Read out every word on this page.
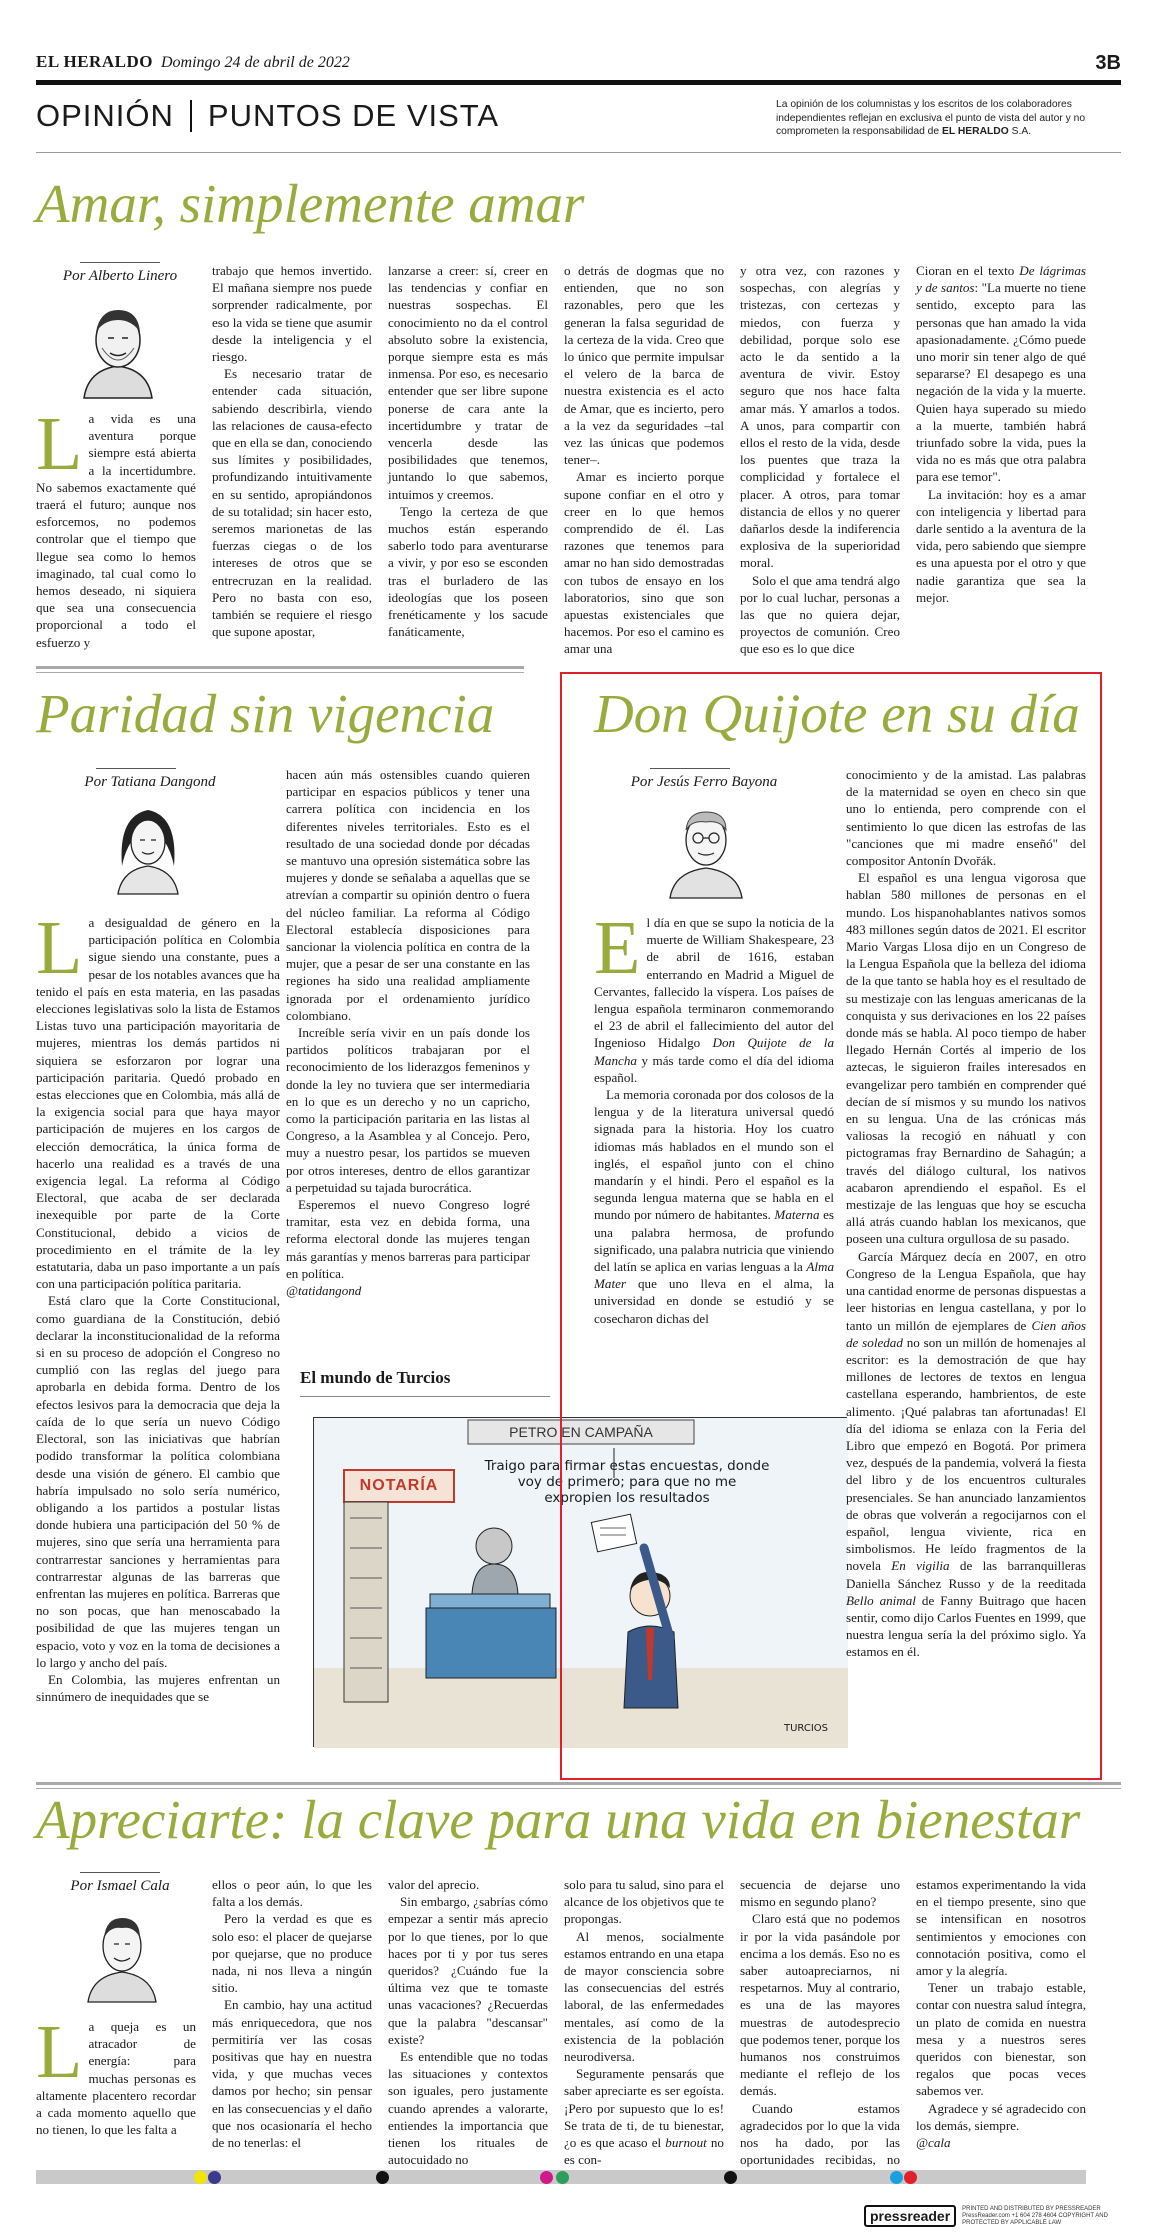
EL HERALDO Domingo 24 de abril de 2022	3B
OPINIÓN PUNTOS DE VISTA	La opinión de los columnistas y los escritos de los colaboradores independientes reflejan en exclusiva el punto de vista del autor y no comprometen la responsabilidad de EL HERALDO S.A.
Amar, simplemente amar
Por Alberto Linero

La vida es una aventura porque siempre está abierta a la incertidumbre. No sabemos exactamente qué traerá el futuro; aunque nos esforcemos, no podemos controlar que el tiempo que llegue sea como lo hemos imaginado, tal cual como lo hemos deseado, ni siquiera que sea una consecuencia proporcional a todo el esfuerzo y

trabajo que hemos invertido. El mañana siempre nos puede sorprender radicalmente, por eso la vida se tiene que asumir desde la inteligencia y el riesgo.

Es necesario tratar de entender cada situación, sabiendo describirla, viendo las relaciones de causa-efecto que en ella se dan, conociendo sus límites y posibilidades, profundizando intuitivamente en su sentido, apropiándonos de su totalidad; sin hacer esto, seremos marionetas de las fuerzas ciegas o de los intereses de otros que se entrecruzan en la realidad. Pero no basta con eso, también se requiere el riesgo que supone apostar,

lanzarse a creer: sí, creer en las tendencias y confiar en nuestras sospechas. El conocimiento no da el control absoluto sobre la existencia, porque siempre esta es más inmensa. Por eso, es necesario entender que ser libre supone ponerse de cara ante la incertidumbre y tratar de vencerla desde las posibilidades que tenemos, juntando lo que sabemos, intuimos y creemos.

Tengo la certeza de que muchos están esperando saberlo todo para aventurarse a vivir, y por eso se esconden tras el burladero de las ideologías que los poseen frenéticamente y los sacude fanáticamente,

o detrás de dogmas que no entienden, que no son razonables, pero que les generan la falsa seguridad de la certeza de la vida. Creo que lo único que permite impulsar el velero de la barca de nuestra existencia es el acto de Amar, que es incierto, pero a la vez da seguridades –tal vez las únicas que podemos tener–.

Amar es incierto porque supone confiar en el otro y creer en lo que hemos comprendido de él. Las razones que tenemos para amar no han sido demostradas con tubos de ensayo en los laboratorios, sino que son apuestas existenciales que hacemos. Por eso el camino es amar una

y otra vez, con razones y sospechas, con alegrías y tristezas, con certezas y miedos, con fuerza y debilidad, porque solo ese acto le da sentido a la aventura de vivir. Estoy seguro que nos hace falta amar más. Y amarlos a todos. A unos, para compartir con ellos el resto de la vida, desde los puentes que traza la complicidad y fortalece el placer. A otros, para tomar distancia de ellos y no querer dañarlos desde la indiferencia explosiva de la superioridad moral.

Solo el que ama tendrá algo por lo cual luchar, personas a las que no quiera dejar, proyectos de comunión. Creo que eso es lo que dice

Cioran en el texto De lágrimas y de santos: "La muerte no tiene sentido, excepto para las personas que han amado la vida apasionadamente. ¿Cómo puede uno morir sin tener algo de qué separarse? El desapego es una negación de la vida y la muerte. Quien haya superado su miedo a la muerte, también habrá triunfado sobre la vida, pues la vida no es más que otra palabra para ese temor".

La invitación: hoy es a amar con inteligencia y libertad para darle sentido a la aventura de la vida, pero sabiendo que siempre es una apuesta por el otro y que nadie garantiza que sea la mejor.

Paridad sin vigencia
Por Tatiana Dangond

La desigualdad de género en la participación política en Colombia sigue siendo una constante, pues a pesar de los notables avances que ha tenido el país en esta materia, en las pasadas elecciones legislativas solo la lista de Estamos Listas tuvo una participación mayoritaria de mujeres, mientras los demás partidos ni siquiera se esforzaron por lograr una participación paritaria. Quedó probado en estas elecciones que en Colombia, más allá de la exigencia social para que haya mayor participación de mujeres en los cargos de elección democrática, la única forma de hacerlo una realidad es a través de una exigencia legal. La reforma al Código Electoral, que acaba de ser declarada inexequible por parte de la Corte Constitucional, debido a vicios de procedimiento en el trámite de la ley estatutaria, daba un paso importante a un país con una participación política paritaria.

Está claro que la Corte Constitucional, como guardiana de la Constitución, debió declarar la inconstitucionalidad de la reforma si en su proceso de adopción el Congreso no cumplió con las reglas del juego para aprobarla en debida forma. Dentro de los efectos lesivos para la democracia que deja la caída de lo que sería un nuevo Código Electoral, son las iniciativas que habrían podido transformar la política colombiana desde una visión de género. El cambio que habría impulsado no solo sería numérico, obligando a los partidos a postular listas donde hubiera una participación del 50 % de mujeres, sino que sería una herramienta para contrarrestar sanciones y herramientas para contrarrestar algunas de las barreras que enfrentan las mujeres en política. Barreras que no son pocas, que han menoscabado la posibilidad de que las mujeres tengan un espacio, voto y voz en la toma de decisiones a lo largo y ancho del país.

En Colombia, las mujeres enfrentan un sinnúmero de inequidades que se

hacen aún más ostensibles cuando quieren participar en espacios públicos y tener una carrera política con incidencia en los diferentes niveles territoriales. Esto es el resultado de una sociedad donde por décadas se mantuvo una opresión sistemática sobre las mujeres y donde se señalaba a aquellas que se atrevían a compartir su opinión dentro o fuera del núcleo familiar. La reforma al Código Electoral establecía disposiciones para sancionar la violencia política en contra de la mujer, que a pesar de ser una constante en las regiones ha sido una realidad ampliamente ignorada por el ordenamiento jurídico colombiano.

Increíble sería vivir en un país donde los partidos políticos trabajaran por el reconocimiento de los liderazgos femeninos y donde la ley no tuviera que ser intermediaria en lo que es un derecho y no un capricho, como la participación paritaria en las listas al Congreso, a la Asamblea y al Concejo. Pero, muy a nuestro pesar, los partidos se mueven por otros intereses, dentro de ellos garantizar a perpetuidad su tajada burocrática.

Esperemos el nuevo Congreso logré tramitar, esta vez en debida forma, una reforma electoral donde las mujeres tengan más garantías y menos barreras para participar en política.

@tatidangond

El mundo de Turcios
PETRO EN CAMPAÑA
Traigo para firmar estas encuestas, donde voy de primero; para que no me expropien los resultados
NOTARÍA
TURCIOS
Don Quijote en su día
Por Jesús Ferro Bayona

El día en que se supo la noticia de la muerte de William Shakespeare, 23 de abril de 1616, estaban enterrando en Madrid a Miguel de Cervantes, fallecido la víspera. Los países de lengua española terminaron conmemorando el 23 de abril el fallecimiento del autor del Ingenioso Hidalgo Don Quijote de la Mancha y más tarde como el día del idioma español.

La memoria coronada por dos colosos de la lengua y de la literatura universal quedó signada para la historia. Hoy los cuatro idiomas más hablados en el mundo son el inglés, el español junto con el chino mandarín y el hindi. Pero el español es la segunda lengua materna que se habla en el mundo por número de habitantes. Materna es una palabra hermosa, de profundo significado, una palabra nutricia que viniendo del latín se aplica en varias lenguas a la Alma Mater que uno lleva en el alma, la universidad en donde se estudió y se cosecharon dichas del

conocimiento y de la amistad. Las palabras de la maternidad se oyen en checo sin que uno lo entienda, pero comprende con el sentimiento lo que dicen las estrofas de las "canciones que mi madre enseñó" del compositor Antonín Dvořák.

El español es una lengua vigorosa que hablan 580 millones de personas en el mundo. Los hispanohablantes nativos somos 483 millones según datos de 2021. El escritor Mario Vargas Llosa dijo en un Congreso de la Lengua Española que la belleza del idioma de la que tanto se habla hoy es el resultado de su mestizaje con las lenguas americanas de la conquista y sus derivaciones en los 22 países donde más se habla. Al poco tiempo de haber llegado Hernán Cortés al imperio de los aztecas, le siguieron frailes interesados en evangelizar pero también en comprender qué decían de sí mismos y su mundo los nativos en su lengua. Una de las crónicas más valiosas la recogió en náhuatl y con pictogramas fray Bernardino de Sahagún; a través del diálogo cultural, los nativos acabaron aprendiendo el español. Es el mestizaje de las lenguas que hoy se escucha allá atrás cuando hablan los mexicanos, que poseen una cultura orgullosa de su pasado.

García Márquez decía en 2007, en otro Congreso de la Lengua Española, que hay una cantidad enorme de personas dispuestas a leer historias en lengua castellana, y por lo tanto un millón de ejemplares de Cien años de soledad no son un millón de homenajes al escritor: es la demostración de que hay millones de lectores de textos en lengua castellana esperando, hambrientos, de este alimento. ¡Qué palabras tan afortunadas! El día del idioma se enlaza con la Feria del Libro que empezó en Bogotá. Por primera vez, después de la pandemia, volverá la fiesta del libro y de los encuentros culturales presenciales. Se han anunciado lanzamientos de obras que volverán a regocijarnos con el español, lengua viviente, rica en simbolismos. He leído fragmentos de la novela En vigilia de las barranquilleras Daniella Sánchez Russo y de la reeditada Bello animal de Fanny Buitrago que hacen sentir, como dijo Carlos Fuentes en 1999, que nuestra lengua sería la del próximo siglo. Ya estamos en él.

Apreciarte: la clave para una vida en bienestar
Por Ismael Cala

La queja es un atracador de energía: para muchas personas es altamente placentero recordar a cada momento aquello que no tienen, lo que les falta a

ellos o peor aún, lo que les falta a los demás.

Pero la verdad es que es solo eso: el placer de quejarse por quejarse, que no produce nada, ni nos lleva a ningún sitio.

En cambio, hay una actitud más enriquecedora, que nos permitiría ver las cosas positivas que hay en nuestra vida, y que muchas veces damos por hecho; sin pensar en las consecuencias y el daño que nos ocasionaría el hecho de no tenerlas: el

valor del aprecio.

Sin embargo, ¿sabrías cómo empezar a sentir más aprecio por lo que tienes, por lo que haces por ti y por tus seres queridos? ¿Cuándo fue la última vez que te tomaste unas vacaciones? ¿Recuerdas que la palabra "descansar" existe?

Es entendible que no todas las situaciones y contextos son iguales, pero justamente cuando aprendes a valorarte, entiendes la importancia que tienen los rituales de autocuidado no

solo para tu salud, sino para el alcance de los objetivos que te propongas.

Al menos, socialmente estamos entrando en una etapa de mayor consciencia sobre las consecuencias del estrés laboral, de las enfermedades mentales, así como de la existencia de la población neurodiversa.

Seguramente pensarás que saber apreciarte es ser egoísta. ¡Pero por supuesto que lo es! Se trata de ti, de tu bienestar, ¿o es que acaso el burnout no es con-

secuencia de dejarse uno mismo en segundo plano?

Claro está que no podemos ir por la vida pasándole por encima a los demás. Eso no es saber autoapreciarnos, ni respetarnos. Muy al contrario, es una de las mayores muestras de autodesprecio que podemos tener, porque los humanos nos construimos mediante el reflejo de los demás.

Cuando estamos agradecidos por lo que la vida nos ha dado, por las oportunidades recibidas, no

estamos experimentando la vida en el tiempo presente, sino que se intensifican en nosotros sentimientos y emociones con connotación positiva, como el amor y la alegría.

Tener un trabajo estable, contar con nuestra salud íntegra, un plato de comida en nuestra mesa y a nuestros seres queridos con bienestar, son regalos que pocas veces sabemos ver.

Agradece y sé agradecido con los demás, siempre.

@cala

pressreader	PRINTED AND DISTRIBUTED BY PRESSREADER PressReader.com +1 604 278 4604 COPYRIGHT AND PROTECTED BY APPLICABLE LAW
